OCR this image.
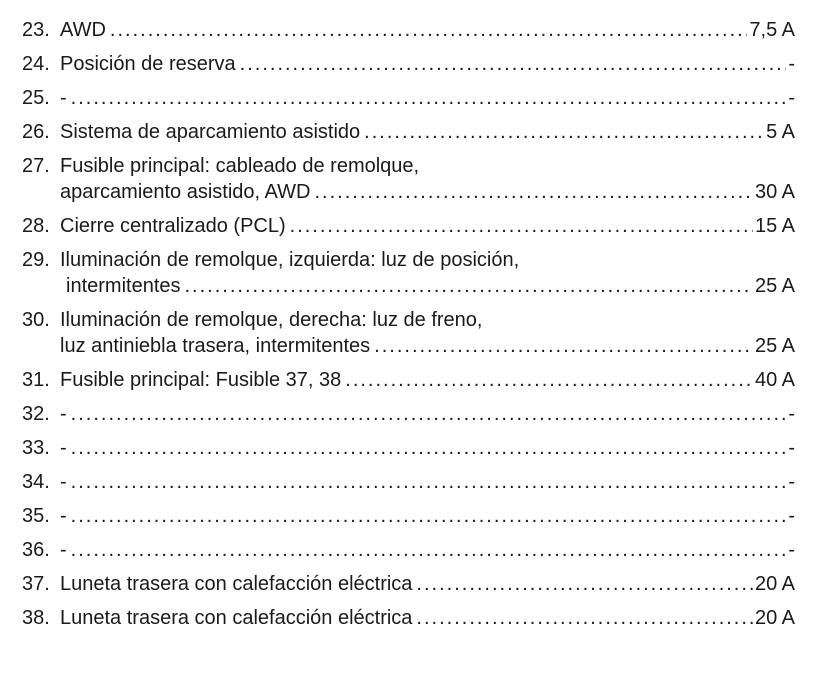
23. AWD .....	7,5 A
24. Posición de reserva .....	-
25. - .....	-
26. Sistema de aparcamiento asistido .....	5 A
27. Fusible principal: cableado de remolque,
aparcamiento asistido, AWD .....	30 A
28. Cierre centralizado (PCL) .....	15 A
29. Iluminación de remolque, izquierda: luz de posición,
intermitentes .....	25 A
30. Iluminación de remolque, derecha: luz de freno,
luz antiniebla trasera, intermitentes .....	25 A
31. Fusible principal: Fusible 37, 38 .....	40 A
32. - .....	-
33. - .....	-
34. - .....	-
35. - .....	-
36. - .....	-
37. Luneta trasera con calefacción eléctrica .....	20 A
38. Luneta trasera con calefacción eléctrica .....	20 A
